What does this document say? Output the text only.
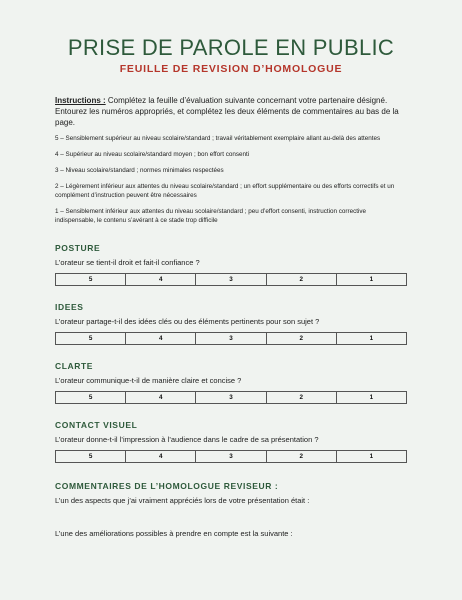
PRISE DE PAROLE EN PUBLIC
FEUILLE DE REVISION D’HOMOLOGUE
Instructions : Complétez la feuille d’évaluation suivante concernant votre partenaire désigné. Entourez les numéros appropriés, et complétez les deux éléments de commentaires au bas de la page.

5 – Sensiblement supérieur au niveau scolaire/standard ; travail véritablement exemplaire allant au-delà des attentes

4 – Supérieur au niveau scolaire/standard moyen ; bon effort consenti

3 – Niveau scolaire/standard ; normes minimales respectées

2 – Légèrement inférieur aux attentes du niveau scolaire/standard ; un effort supplémentaire ou des efforts correctifs et un complément d’instruction peuvent être nécessaires

1 – Sensiblement inférieur aux attentes du niveau scolaire/standard ; peu d’effort consenti, instruction corrective indispensable, le contenu s’avérant à ce stade trop difficile

POSTURE
L’orateur se tient-il droit et fait-il confiance ?
5	4	3	2	1
IDEES
L’orateur partage-t-il des idées clés ou des éléments pertinents pour son sujet ?
5	4	3	2	1
CLARTE
L’orateur communique-t-il de manière claire et concise ?
5	4	3	2	1
CONTACT VISUEL
L’orateur donne-t-il l’impression à l’audience dans le cadre de sa présentation ?
5	4	3	2	1
COMMENTAIRES DE L’HOMOLOGUE REVISEUR :

L’un des aspects que j’ai vraiment appréciés lors de votre présentation était :

L’une des améliorations possibles à prendre en compte est la suivante :
